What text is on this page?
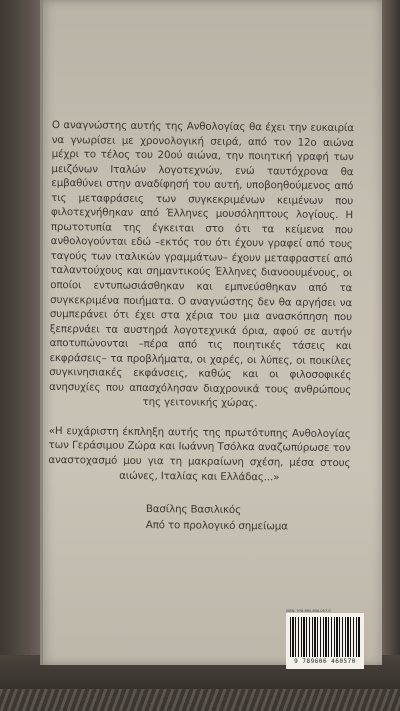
Ο αναγνώστης αυτής της Ανθολογίας θα έχει την ευκαιρία να γνωρίσει με χρονολογική σειρά, από τον 12ο αιώνα μέχρι το τέλος του 20ού αιώνα, την ποιητική γραφή των μειζόνων Ιταλών λογοτεχνών, ενώ ταυτόχρονα θα εμβαθύνει στην αναδίφησή του αυτή, υποβοηθούμενος από τις μεταφράσεις των συγκεκριμένων κειμένων που φιλοτεχνήθηκαν από Έλληνες μουσόληπτους λογίους. Η πρωτοτυπία της έγκειται στο ότι τα κείμενα που ανθολογούνται εδώ –εκτός του ότι έχουν γραφεί από τους ταγούς των ιταλικών γραμμάτων– έχουν μεταφραστεί από ταλαντούχους και σημαντικούς Έλληνες διανοουμένους, οι οποίοι εντυπωσιάσθηκαν και εμπνεύσθηκαν από τα συγκεκριμένα ποιήματα. Ο αναγνώστης δεν θα αργήσει να συμπεράνει ότι έχει στα χέρια του μια ανασκόπηση που ξεπερνάει τα αυστηρά λογοτεχνικά όρια, αφού σε αυτήν αποτυπώνονται –πέρα από τις ποιητικές τάσεις και εκφράσεις– τα προβλήματα, οι χαρές, οι λύπες, οι ποικίλες συγκινησιακές εκφάνσεις, καθώς και οι φιλοσοφικές ανησυχίες που απασχόλησαν διαχρονικά τους ανθρώπους της γειτονικής χώρας.

«Η ευχάριστη έκπληξη αυτής της πρωτότυπης Ανθολογίας των Γεράσιμου Ζώρα και Ιωάννη Τσόλκα αναζωπύρωσε τον αναστοχασμό μου για τη μακραίωνη σχέση, μέσα στους αιώνες, Ιταλίας και Ελλάδας...»

Βασίλης Βασιλικός
Από το προλογικό σημείωμα
ISBN: 978-960-606-057-0
9 789606 460570
